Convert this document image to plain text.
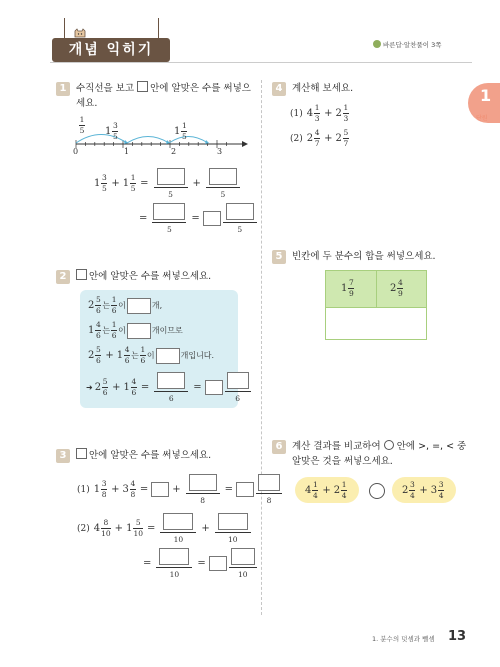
개념 익히기	바른답·알찬풀이 3쪽
1
단원
1	수직선을 보고 안에 알맞은 수를 써넣으
세요.
$\frac{1}{5} 1 \frac{3}{5}$	$1 \frac{1}{5}$
0	1	2	3
$1 \frac{3}{5} + 1 \frac{1}{5}$ =
5
+
5
=
5
=
5
2	안에 알맞은 수를 써넣으세요.
$2 \frac{5}{6}$ 는 $\frac{1}{6}$ 이	개,
$1 \frac{4}{6}$ 는 $\frac{1}{6}$ 이	개이므로
$2 \frac{5}{6} + 1 \frac{4}{6}$ 는 $\frac{1}{6}$ 이	개입니다.
➜ $2 \frac{5}{6} + 1 \frac{4}{6}$ =
6
=
6
3	안에 알맞은 수를 써넣으세요.
(1) $1 \frac{3}{8} + 3 \frac{4}{8}$ = +
8
=
8
(2) $4 \frac{8}{10} + 1 \frac{5}{10}$ =
10
+
10
=
10
=
10
4	계산해 보세요.
(1) $4 \frac{1}{3} + 2 \frac{1}{3}$
(2) $2 \frac{4}{7} + 2 \frac{5}{7}$
5	빈칸에 두 분수의 합을 써넣으세요.
$1 \frac{7}{9}$	$2 \frac{4}{9}$
6	계산 결과를 비교하여 안에 >, =, < 중
알맞은 것을 써넣으세요.
$4 \frac{1}{4} + 2 \frac{1}{4}$	$2 \frac{3}{4} + 3 \frac{3}{4}$
1. 분수의 덧셈과 뺄셈 13
